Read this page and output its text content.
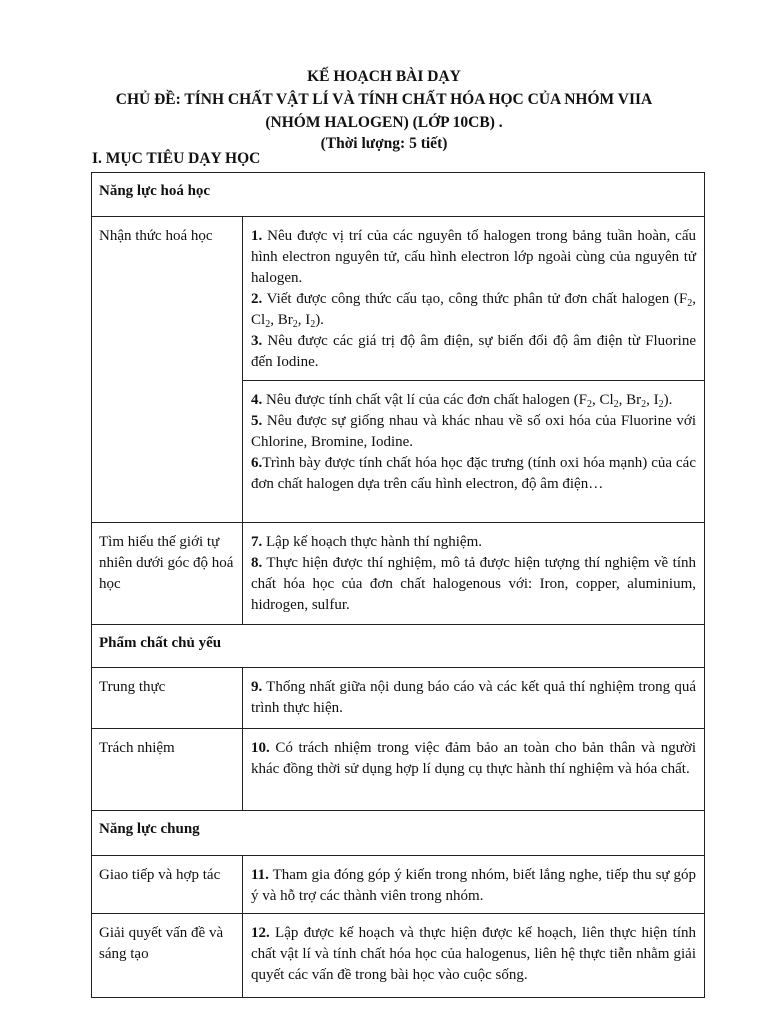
KẾ HOẠCH BÀI DẠY
CHỦ ĐỀ: TÍNH CHẤT VẬT LÍ VÀ TÍNH CHẤT HÓA HỌC CỦA NHÓM VIIA
(NHÓM HALOGEN) (LỚP 10CB) .
(Thời lượng: 5 tiết)
I. MỤC TIÊU DẠY HỌC
Năng lực hoá học	
Nhận thức hoá học	1. Nêu được vị trí của các nguyên tố halogen trong bảng tuần hoàn, cấu hình electron nguyên tử, cấu hình electron lớp ngoài cùng của nguyên tử halogen.

2. Viết được công thức cấu tạo, công thức phân tử đơn chất halogen ($F_2$, $Cl_2$, $Br_2$, $I_2$).

3. Nêu được các giá trị độ âm điện, sự biến đổi độ âm điện từ Fluorine đến Iodine.

	4. Nêu được tính chất vật lí của các đơn chất halogen ($F_2$, $Cl_2$, $Br_2$, $I_2$).

5. Nêu được sự giống nhau và khác nhau về số oxi hóa của Fluorine với Chlorine, Bromine, Iodine.

6.Trình bày được tính chất hóa học đặc trưng (tính oxi hóa mạnh) của các đơn chất halogen dựa trên cấu hình electron, độ âm điện…

Tìm hiểu thế giới tự nhiên dưới góc độ hoá học	7. Lập kế hoạch thực hành thí nghiệm.

8. Thực hiện được thí nghiệm, mô tả được hiện tượng thí nghiệm về tính chất hóa học của đơn chất halogenous với: Iron, copper, aluminium, hidrogen, sulfur.

Phẩm chất chủ yếu	
Trung thực	9. Thống nhất giữa nội dung báo cáo và các kết quả thí nghiệm trong quá trình thực hiện.

Trách nhiệm	10. Có trách nhiệm trong việc đảm bảo an toàn cho bản thân và người khác đồng thời sử dụng hợp lí dụng cụ thực hành thí nghiệm và hóa chất.

Năng lực chung	
Giao tiếp và hợp tác	11. Tham gia đóng góp ý kiến trong nhóm, biết lắng nghe, tiếp thu sự góp ý và hỗ trợ các thành viên trong nhóm.

Giải quyết vấn đề và sáng tạo	12. Lập được kế hoạch và thực hiện được kế hoạch, liên thực hiện tính chất vật lí và tính chất hóa học của halogenus, liên hệ thực tiễn nhằm giải quyết các vấn đề trong bài học vào cuộc sống.
